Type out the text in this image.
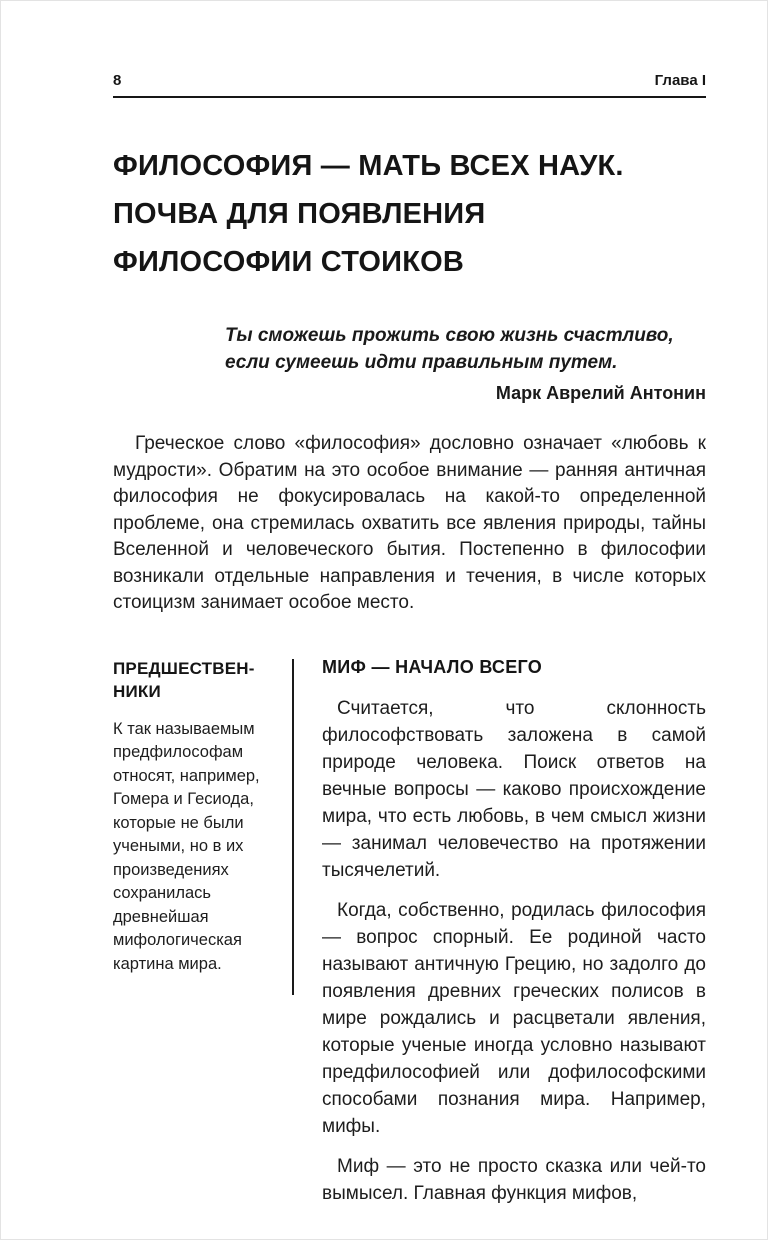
8	Глава I
ФИЛОСОФИЯ — МАТЬ ВСЕХ НАУК.
ПОЧВА ДЛЯ ПОЯВЛЕНИЯ
ФИЛОСОФИИ СТОИКОВ
Ты сможешь прожить свою жизнь счастливо, если сумеешь идти правильным путем.
Марк Аврелий Антонин

Греческое слово «философия» дословно означает «любовь к мудрости». Обратим на это особое внимание — ранняя античная философия не фокусировалась на какой-то определенной проблеме, она стремилась охватить все явления природы, тайны Вселенной и человеческого бытия. Постепенно в философии возникали отдельные направления и течения, в числе которых стоицизм занимает особое место.

ПРЕДШЕСТВЕН-НИКИ
К так называемым предфилософам относят, например, Гомера и Гесиода, которые не были учеными, но в их произведениях сохранилась древнейшая мифологическая картина мира.
МИФ — НАЧАЛО ВСЕГО

Считается, что склонность философствовать заложена в самой природе человека. Поиск ответов на вечные вопросы — каково происхождение мира, что есть любовь, в чем смысл жизни — занимал человечество на протяжении тысячелетий.

Когда, собственно, родилась философия — вопрос спорный. Ее родиной часто называют античную Грецию, но задолго до появления древних греческих полисов в мире рождались и расцветали явления, которые ученые иногда условно называют предфилософией или дофилософскими способами познания мира. Например, мифы.

Миф — это не просто сказка или чей-то вымысел. Главная функция мифов,
